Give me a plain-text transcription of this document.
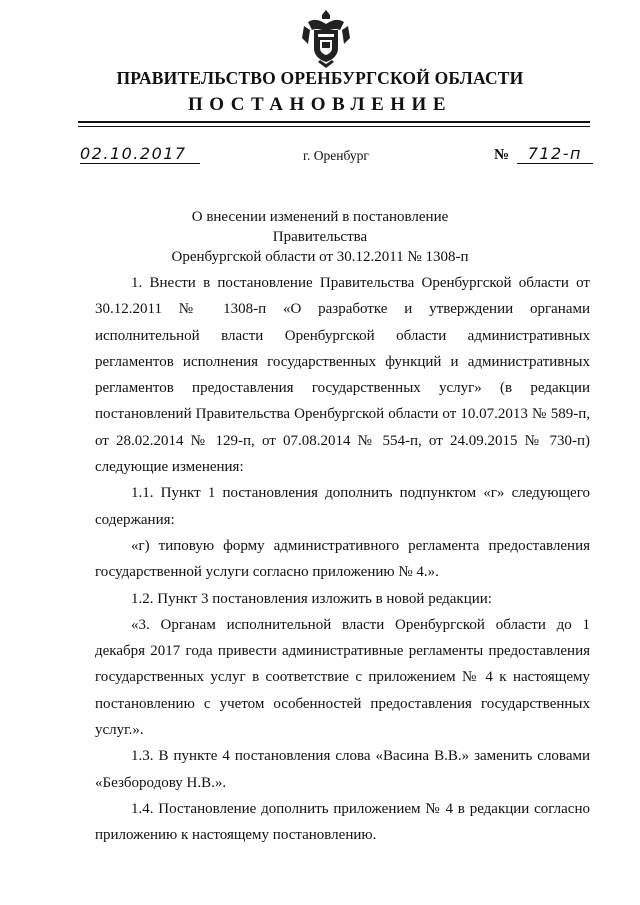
ПРАВИТЕЛЬСТВО ОРЕНБУРГСКОЙ ОБЛАСТИ
ПОСТАНОВЛЕНИЕ
02.10.2017	г. Оренбург	№ 712-п
О внесении изменений в постановление Правительства
Оренбургской области от 30.12.2011 № 1308-п

1. Внести в постановление Правительства Оренбургской области от 30.12.2011 № 1308-п «О разработке и утверждении органами исполнительной власти Оренбургской области административных регламентов исполнения государственных функций и административных регламентов предоставления государственных услуг» (в редакции постановлений Правительства Оренбургской области от 10.07.2013 № 589-п, от 28.02.2014 № 129-п, от 07.08.2014 № 554-п, от 24.09.2015 № 730-п) следующие изменения:

1.1. Пункт 1 постановления дополнить подпунктом «г» следующего содержания:

«г) типовую форму административного регламента предоставления государственной услуги согласно приложению № 4.».

1.2. Пункт 3 постановления изложить в новой редакции:

«3. Органам исполнительной власти Оренбургской области до 1 декабря 2017 года привести административные регламенты предоставления государственных услуг в соответствие с приложением № 4 к настоящему постановлению с учетом особенностей предоставления государственных услуг.».

1.3. В пункте 4 постановления слова «Васина В.В.» заменить словами «Безбородову Н.В.».

1.4. Постановление дополнить приложением № 4 в редакции согласно приложению к настоящему постановлению.
